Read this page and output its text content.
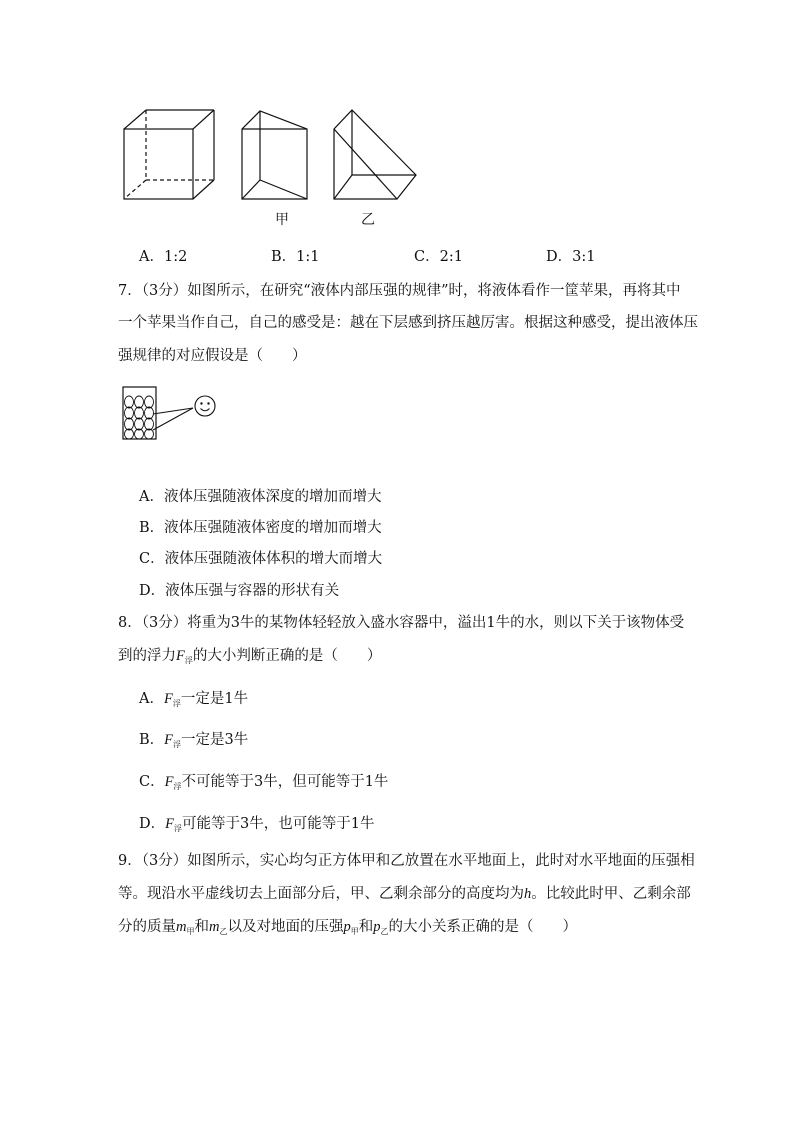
甲	乙
A．1:2	B．1:1	C．2:1	D．3:1
7．（3分）如图所示，在研究“液体内部压强的规律”时，将液体看作一筐苹果，再将其中
一个苹果当作自己，自己的感受是：越在下层感到挤压越厉害。根据这种感受，提出液体压
强规律的对应假设是（　　）
A．液体压强随液体深度的增加而增大
B．液体压强随液体密度的增加而增大
C．液体压强随液体体积的增大而增大
D．液体压强与容器的形状有关
8．（3分）将重为3牛的某物体轻轻放入盛水容器中，溢出1牛的水，则以下关于该物体受
到的浮力$F_浮$的大小判断正确的是（　　）
A．$F_浮$一定是1牛
B．$F_浮$一定是3牛
C．$F_浮$不可能等于3牛，但可能等于1牛
D．$F_浮$可能等于3牛，也可能等于1牛
9．（3分）如图所示，实心均匀正方体甲和乙放置在水平地面上，此时对水平地面的压强相
等。现沿水平虚线切去上面部分后，甲、乙剩余部分的高度均为h。比较此时甲、乙剩余部
分的质量$m_甲$和$m_乙$以及对地面的压强$p_甲$和$p_乙$的大小关系正确的是（　　）
